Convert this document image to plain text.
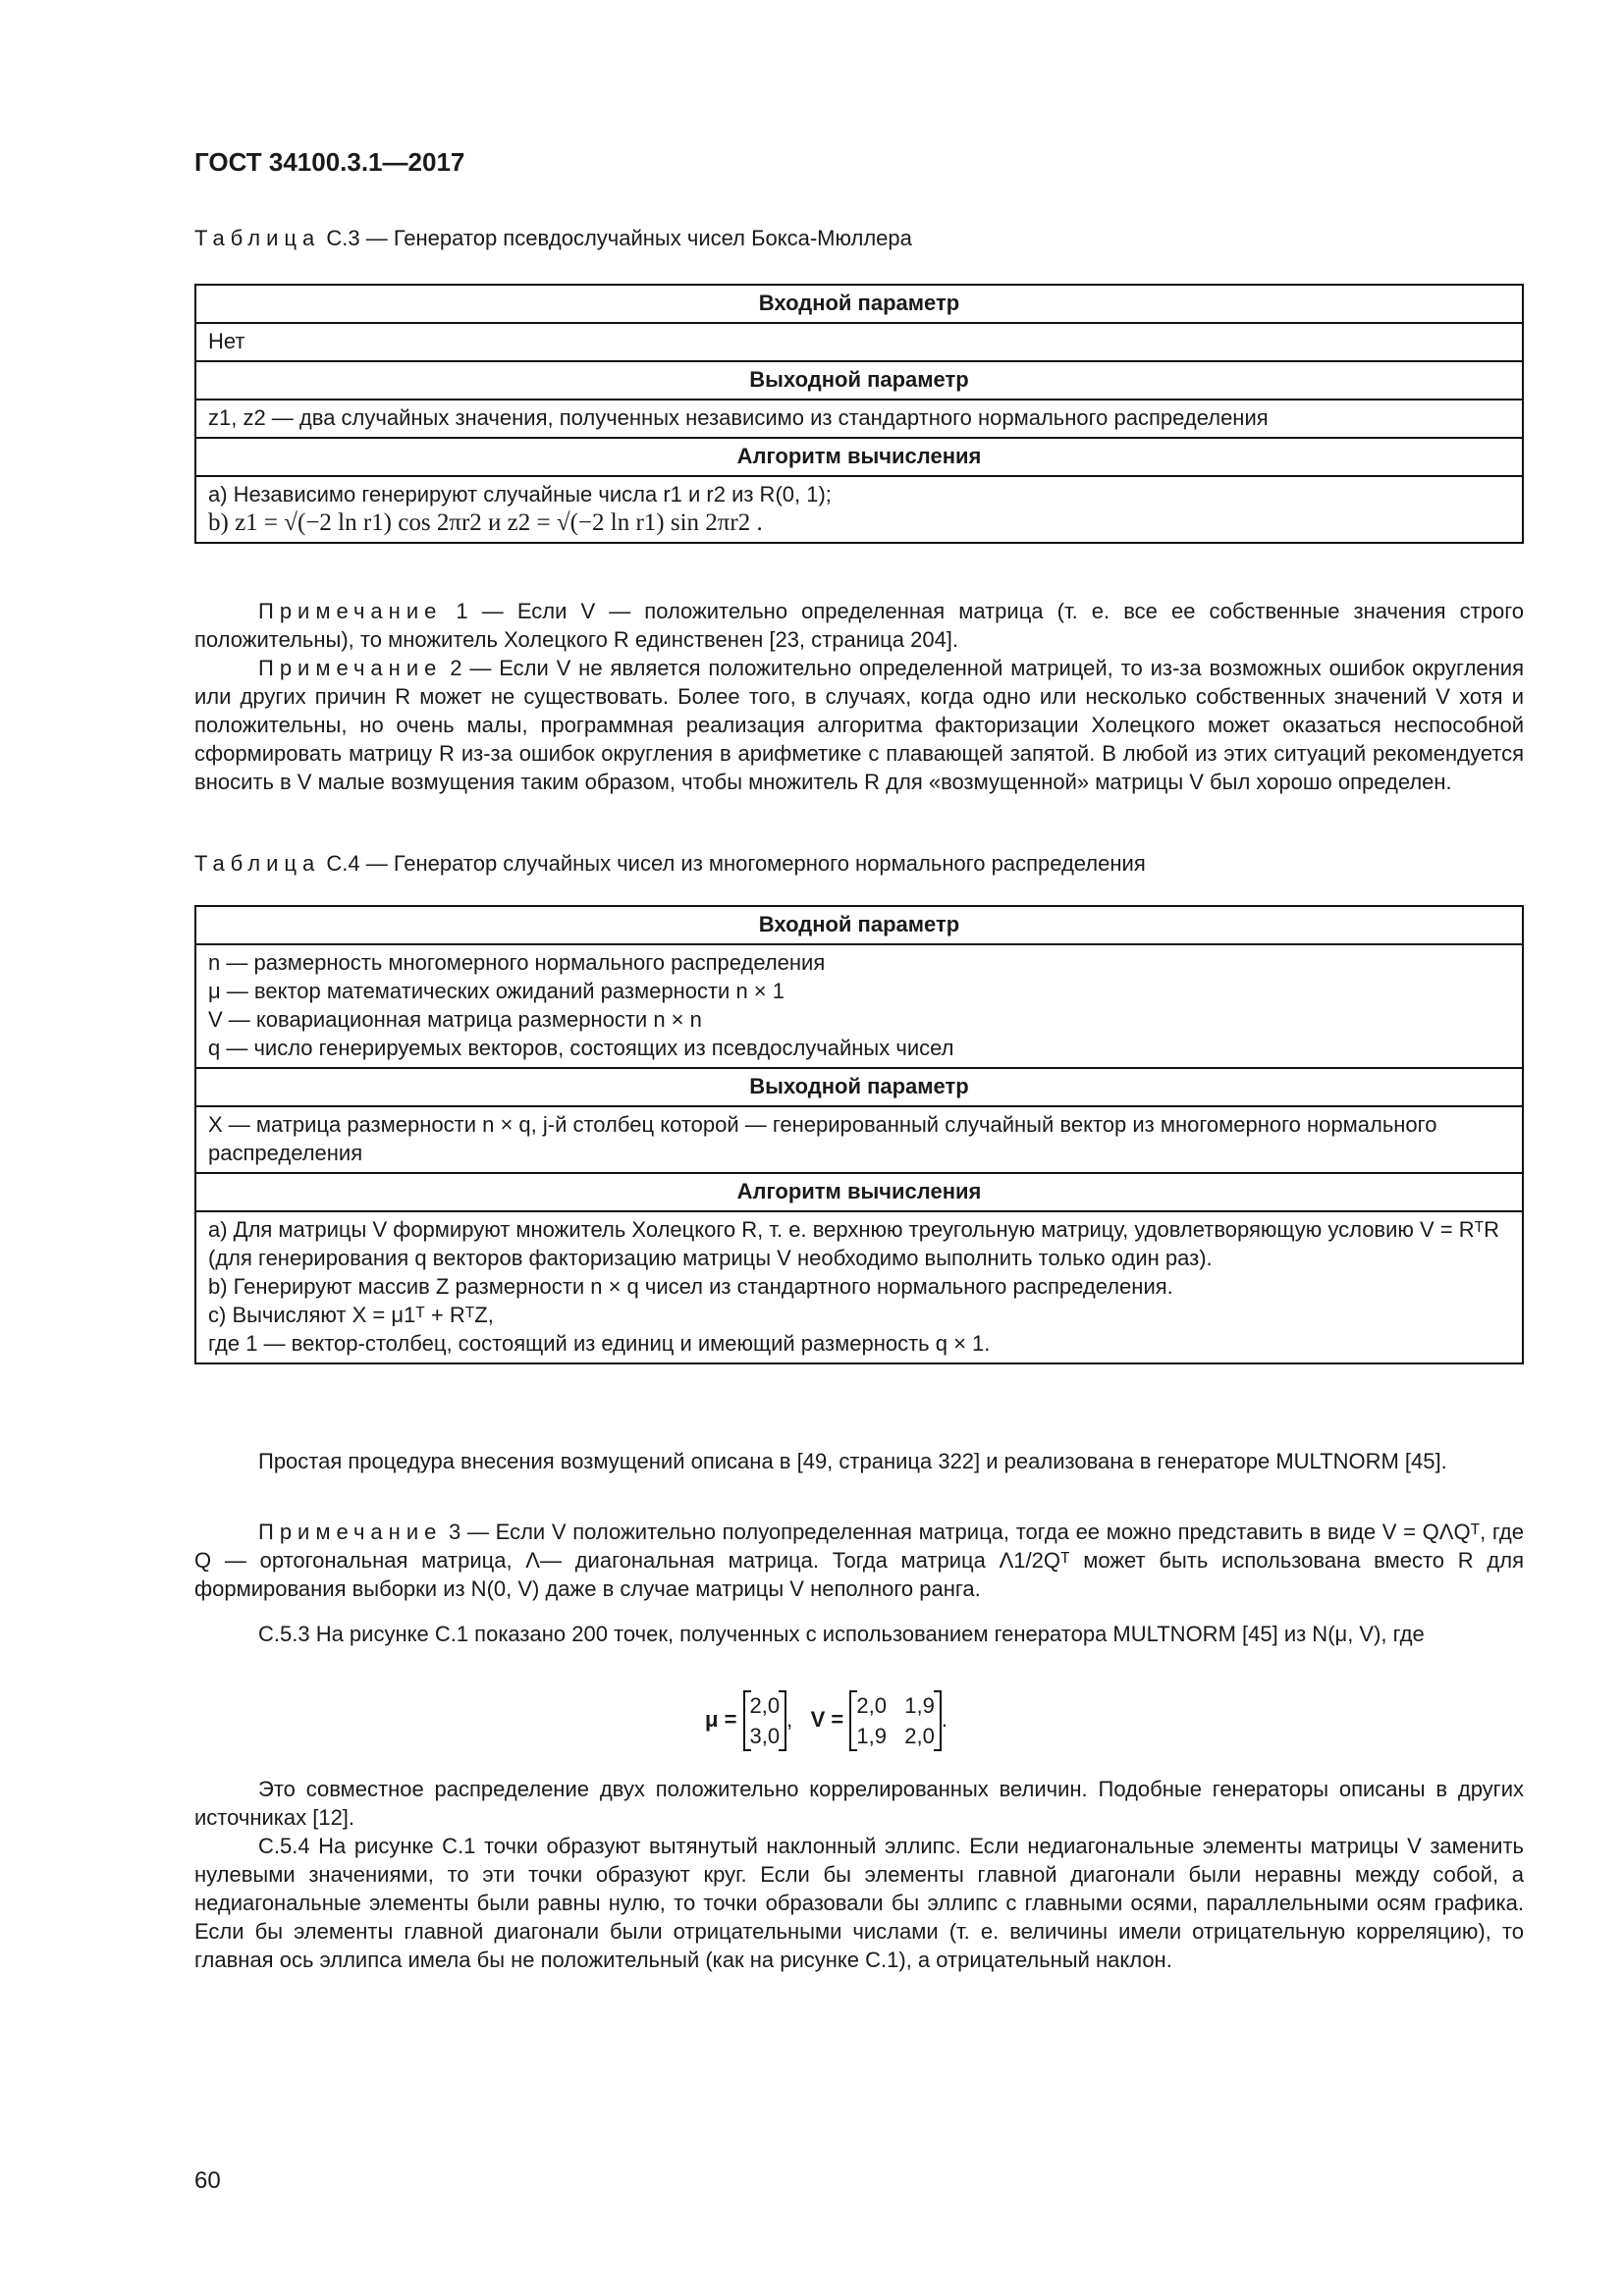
ГОСТ 34100.3.1—2017
Таблица С.3 — Генератор псевдослучайных чисел Бокса-Мюллера
Входной параметр
Нет
Выходной параметр
z1, z2 — два случайных значения, полученных независимо из стандартного нормального распределения
Алгоритм вычисления

a) Независимо генерируют случайные числа r1 и r2 из R(0, 1);
b) z1 = √(−2 ln r1) cos 2πr2 и z2 = √(−2 ln r1) sin 2πr2 .
Примечание 1 — Если V — положительно определенная матрица (т. е. все ее собственные значения строго положительны), то множитель Холецкого R единственен [23, страница 204].
Примечание 2 — Если V не является положительно определенной матрицей, то из-за возможных ошибок округления или других причин R может не существовать. Более того, в случаях, когда одно или несколько собственных значений V хотя и положительны, но очень малы, программная реализация алгоритма факторизации Холецкого может оказаться неспособной сформировать матрицу R из-за ошибок округления в арифметике с плавающей запятой. В любой из этих ситуаций рекомендуется вносить в V малые возмущения таким образом, чтобы множитель R для «возмущенной» матрицы V был хорошо определен.
Таблица С.4 — Генератор случайных чисел из многомерного нормального распределения
Входной параметр

n — размерность многомерного нормального распределения
μ — вектор математических ожиданий размерности n × 1
V — ковариационная матрица размерности n × n
q — число генерируемых векторов, состоящих из псевдослучайных чисел

Выходной параметр
X — матрица размерности n × q, j-й столбец которой — генерированный случайный вектор из многомерного нормального распределения
Алгоритм вычисления

a) Для матрицы V формируют множитель Холецкого R, т. е. верхнюю треугольную матрицу, удовлетворяющую условию V = RᵀR (для генерирования q векторов факторизацию матрицы V необходимо выполнить только один раз).
b) Генерируют массив Z размерности n × q чисел из стандартного нормального распределения.
c) Вычисляют X = μ1ᵀ + RᵀZ,
где 1 — вектор-столбец, состоящий из единиц и имеющий размерность q × 1.
Простая процедура внесения возмущений описана в [49, страница 322] и реализована в генераторе MULTNORM [45].
Примечание 3 — Если V положительно полуопределенная матрица, тогда ее можно представить в виде V = QΛQᵀ, где Q — ортогональная матрица, Λ— диагональная матрица. Тогда матрица Λ1/2Qᵀ может быть использована вместо R для формирования выборки из N(0, V) даже в случае матрицы V неполного ранга.
С.5.3 На рисунке С.1 показано 200 точек, полученных с использованием генератора MULTNORM [45] из N(μ, V), где
μ =
2,0
3,0
,   V =
2,0 1,9
1,9 2,0
.
Это совместное распределение двух положительно коррелированных величин. Подобные генераторы описаны в других источниках [12].
С.5.4 На рисунке С.1 точки образуют вытянутый наклонный эллипс. Если недиагональные элементы матрицы V заменить нулевыми значениями, то эти точки образуют круг. Если бы элементы главной диагонали были неравны между собой, а недиагональные элементы были равны нулю, то точки образовали бы эллипс с главными осями, параллельными осям графика. Если бы элементы главной диагонали были отрицательными числами (т. е. величины имели отрицательную корреляцию), то главная ось эллипса имела бы не положительный (как на рисунке С.1), а отрицательный наклон.
60
